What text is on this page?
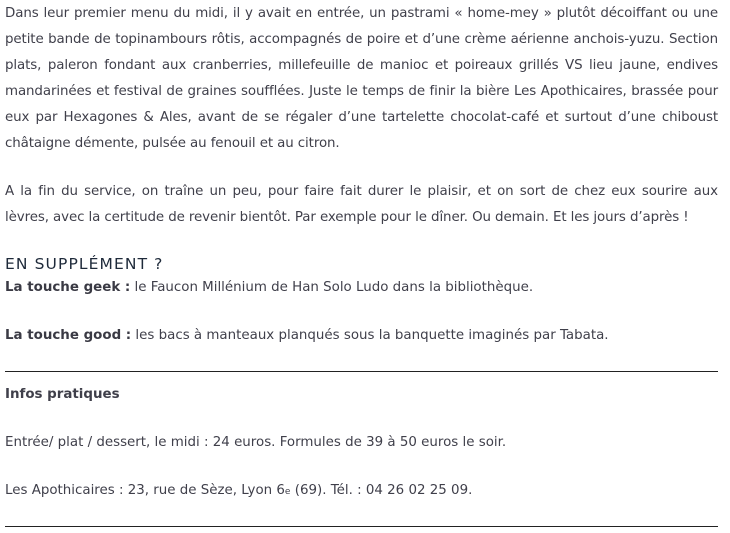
Dans leur premier menu du midi, il y avait en entrée, un pastrami « home-mey » plutôt décoiffant ou une petite bande de topinambours rôtis, accompagnés de poire et d’une crème aérienne anchois-yuzu. Section plats, paleron fondant aux cranberries, millefeuille de manioc et poireaux grillés VS lieu jaune, endives mandarinées et festival de graines soufflées. Juste le temps de finir la bière Les Apothicaires, brassée pour eux par Hexagones & Ales, avant de se régaler d’une tartelette chocolat-café et surtout d’une chiboust châtaigne démente, pulsée au fenouil et au citron.

A la fin du service, on traîne un peu, pour faire fait durer le plaisir, et on sort de chez eux sourire aux lèvres, avec la certitude de revenir bientôt. Par exemple pour le dîner. Ou demain. Et les jours d’après !

EN SUPPLÉMENT ?

La touche geek : le Faucon Millénium de Han Solo Ludo dans la bibliothèque.

La touche good : les bacs à manteaux planqués sous la banquette imaginés par Tabata.

Infos pratiques

Entrée/ plat / dessert, le midi : 24 euros. Formules de 39 à 50 euros le soir.

Les Apothicaires : 23, rue de Sèze, Lyon 6e (69). Tél. : 04 26 02 25 09.
